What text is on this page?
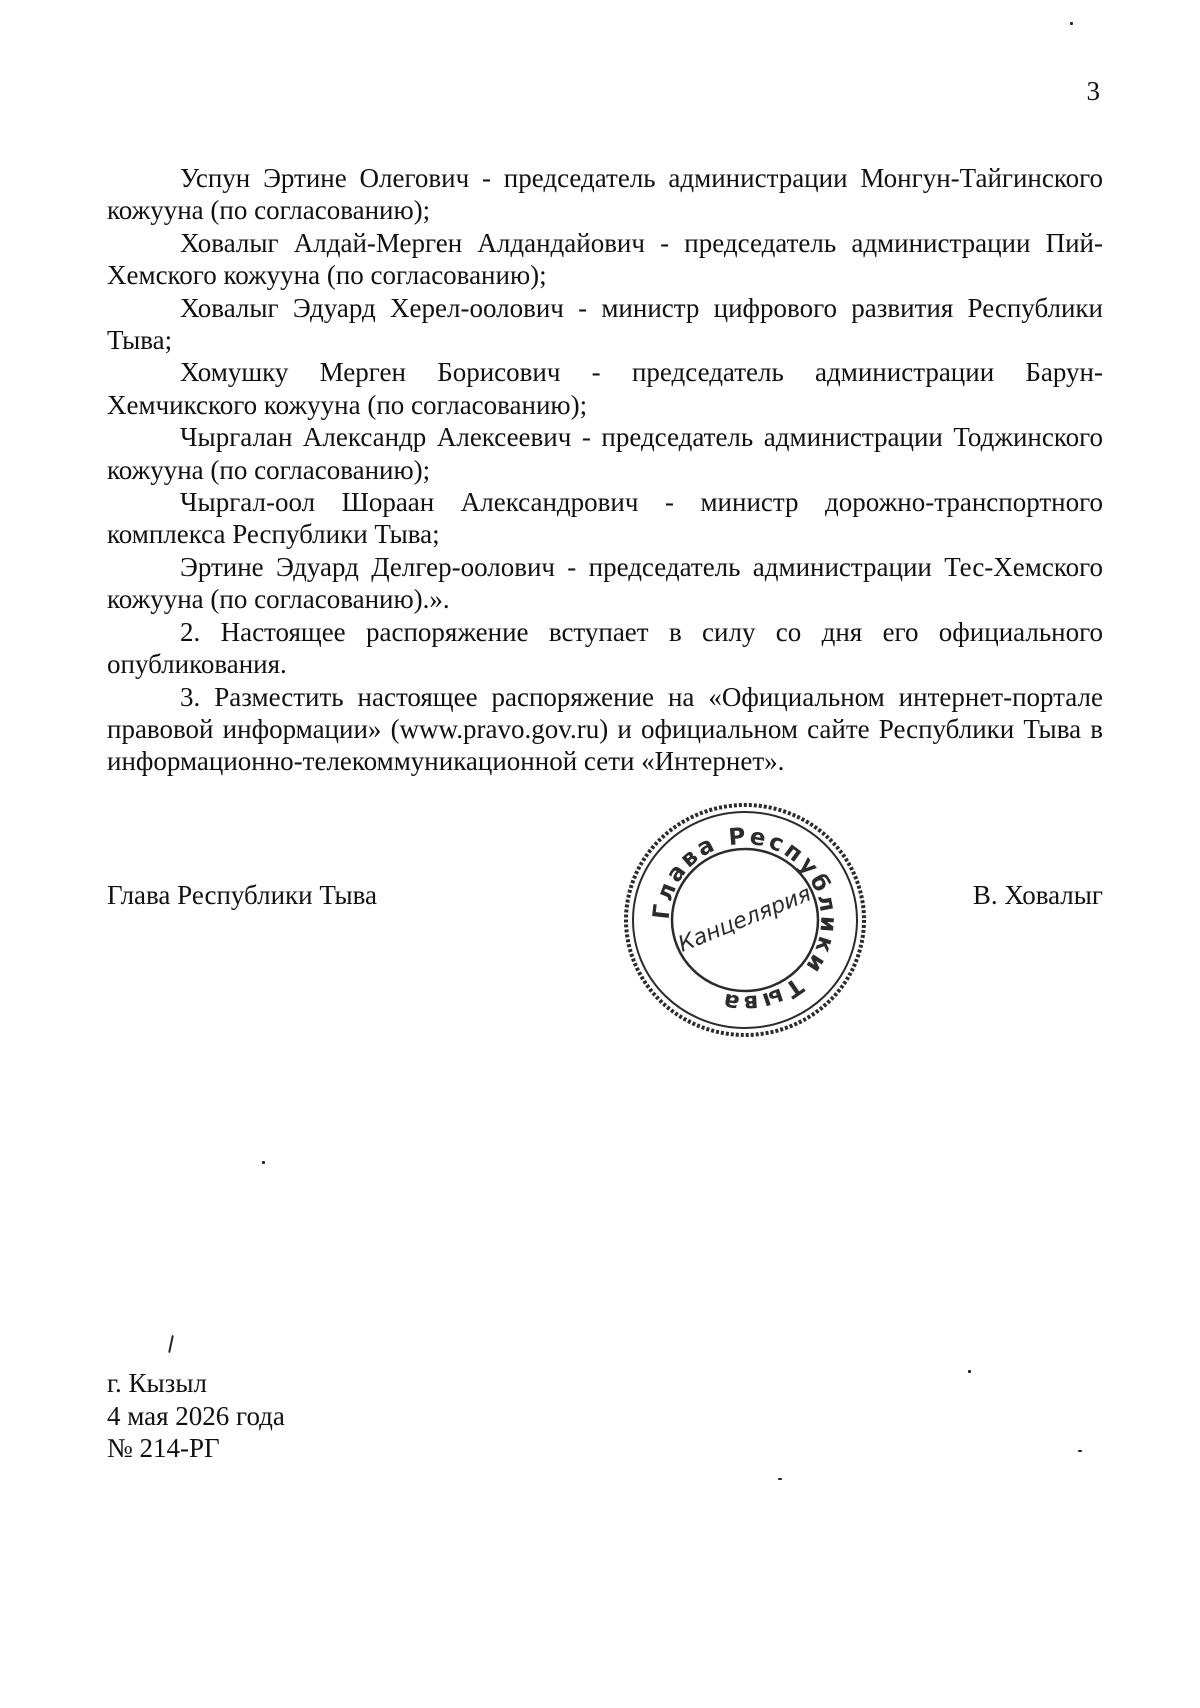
3

Успун Эртине Олегович - председатель администрации Монгун-Тайгинского кожууна (по согласованию);

Ховалыг Алдай-Мерген Алдандайович - председатель администрации Пий-Хемского кожууна (по согласованию);

Ховалыг Эдуард Херел-оолович - министр цифрового развития Республики Тыва;

Хомушку Мерген Борисович - председатель администрации Барун-Хемчикского кожууна (по согласованию);

Чыргалан Александр Алексеевич - председатель администрации Тоджинского кожууна (по согласованию);

Чыргал-оол Шораан Александрович - министр дорожно-транспортного комплекса Республики Тыва;

Эртине Эдуард Делгер-оолович - председатель администрации Тес-Хемского кожууна (по согласованию).».

2. Настоящее распоряжение вступает в силу со дня его официального опубликования.

3. Разместить настоящее распоряжение на «Официальном интернет-портале правовой информации» (www.pravo.gov.ru) и официальном сайте Республики Тыва в информационно-телекоммуникационной сети «Интернет».

Глава Республики Тыва	В. Ховалыг
Глава Республики Тыва
Канцелярия
г. Кызыл
4 мая 2026 года
№ 214-РГ
